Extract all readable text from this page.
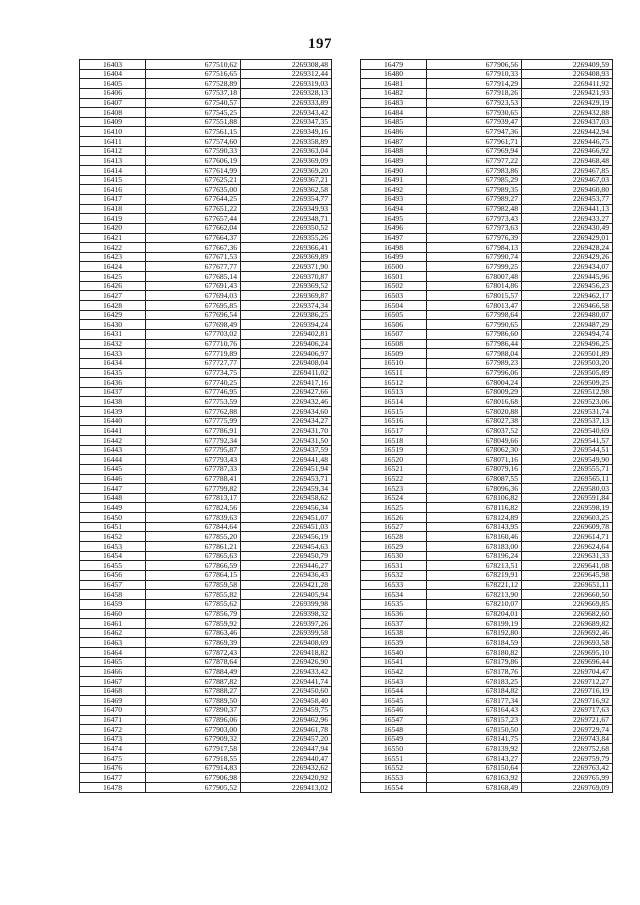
197
16403	677510,62	2269308,48
16404	677516,65	2269312,44
16405	677528,89	2269319,03
16406	677537,18	2269328,13
16407	677540,57	2269333,89
16408	677545,25	2269343,42
16409	677551,88	2269347,35
16410	677561,15	2269349,16
16411	677574,60	2269358,89
16412	677590,33	2269363,04
16413	677606,19	2269369,09
16414	677614,99	2269369,20
16415	677625,21	2269367,21
16416	677635,00	2269362,58
16417	677644,25	2269354,77
16418	677651,22	2269349,93
16419	677657,44	2269348,71
16420	677662,04	2269350,52
16421	677664,37	2269355,26
16422	677667,36	2269366,41
16423	677671,53	2269369,89
16424	677677,77	2269371,90
16425	677685,14	2269370,87
16426	677691,43	2269369,52
16427	677694,03	2269369,87
16428	677695,85	2269374,34
16429	677696,54	2269386,25
16430	677698,49	2269394,24
16431	677703,02	2269402,81
16432	677710,76	2269406,24
16433	677719,89	2269406,97
16434	677727,77	2269408,04
16435	677734,75	2269411,02
16436	677740,25	2269417,16
16437	677746,95	2269427,66
16438	677753,59	2269432,46
16439	677762,88	2269434,60
16440	677775,99	2269434,27
16441	677786,91	2269431,70
16442	677792,34	2269431,50
16443	677795,87	2269437,59
16444	677793,43	2269441,48
16445	677787,33	2269451,94
16446	677788,41	2269453,71
16447	677799,82	2269459,34
16448	677813,17	2269458,62
16449	677824,56	2269456,34
16450	677839,63	2269451,07
16451	677844,64	2269451,03
16452	677855,20	2269456,19
16453	677861,21	2269454,63
16454	677865,63	2269450,79
16455	677866,59	2269446,27
16456	677864,15	2269436,43
16457	677859,58	2269421,28
16458	677855,82	2269405,94
16459	677855,62	2269399,98
16460	677856,79	2269398,32
16461	677859,92	2269397,26
16462	677863,46	2269399,58
16463	677869,39	2269408,69
16464	677872,43	2269418,82
16465	677878,64	2269426,90
16466	677884,49	2269433,42
16467	677887,82	2269441,74
16468	677888,27	2269450,60
16469	677889,50	2269458,40
16470	677890,37	2269459,75
16471	677896,06	2269462,96
16472	677903,00	2269461,78
16473	677909,32	2269457,20
16474	677917,58	2269447,94
16475	677918,55	2269440,47
16476	677914,83	2269432,62
16477	677906,98	2269420,92
16478	677905,52	2269413,02
16479	677906,56	2269409,59
16480	677910,33	2269408,93
16481	677914,29	2269411,92
16482	677918,26	2269421,93
16483	677923,53	2269429,19
16484	677930,65	2269432,88
16485	677939,47	2269437,03
16486	677947,36	2269442,94
16487	677961,71	2269446,75
16488	677969,94	2269466,92
16489	677977,22	2269468,48
16490	677983,86	2269467,85
16491	677985,29	2269467,03
16492	677989,35	2269460,80
16493	677989,27	2269453,77
16494	677982,48	2269441,13
16495	677973,43	2269433,27
16496	677973,63	2269430,49
16497	677976,39	2269429,01
16498	677984,13	2269428,24
16499	677990,74	2269429,26
16500	677999,25	2269434,07
16501	678007,48	2269445,96
16502	678014,86	2269456,23
16503	678015,57	2269462,17
16504	678013,47	2269466,58
16505	677998,64	2269480,07
16506	677990,65	2269487,29
16507	677986,60	2269494,74
16508	677986,44	2269496,25
16509	677988,04	2269501,89
16510	677989,23	2269503,20
16511	677996,06	2269505,89
16512	678004,24	2269509,25
16513	678009,29	2269512,98
16514	678016,68	2269523,06
16515	678020,88	2269531,74
16516	678027,38	2269537,13
16517	678037,52	2269540,69
16518	678049,66	2269541,57
16519	678062,30	2269544,51
16520	678071,16	2269549,90
16521	678079,16	2269555,71
16522	678087,55	2269565,11
16523	678096,36	2269580,03
16524	678106,82	2269591,84
16525	678116,82	2269598,19
16526	678124,89	2269603,25
16527	678143,95	2269609,78
16528	678160,46	2269614,71
16529	678183,00	2269624,64
16530	678196,24	2269631,33
16531	678213,51	2269641,08
16532	678219,91	2269645,98
16533	678221,12	2269651,11
16534	678213,90	2269660,50
16535	678210,07	2269669,85
16536	678204,01	2269682,60
16537	678199,19	2269689,82
16538	678192,80	2269692,46
16539	678184,59	2269693,58
16540	678180,82	2269695,10
16541	678179,86	2269696,44
16542	678178,76	2269704,47
16543	678183,25	2269712,27
16544	678184,82	2269716,19
16545	678177,34	2269716,92
16546	678164,43	2269717,63
16547	678157,23	2269721,67
16548	678150,50	2269729,74
16549	678141,75	2269743,84
16550	678139,92	2269752,68
16551	678143,27	2269759,79
16552	678150,64	2269763,42
16553	678163,92	2269765,99
16554	678168,49	2269769,09
